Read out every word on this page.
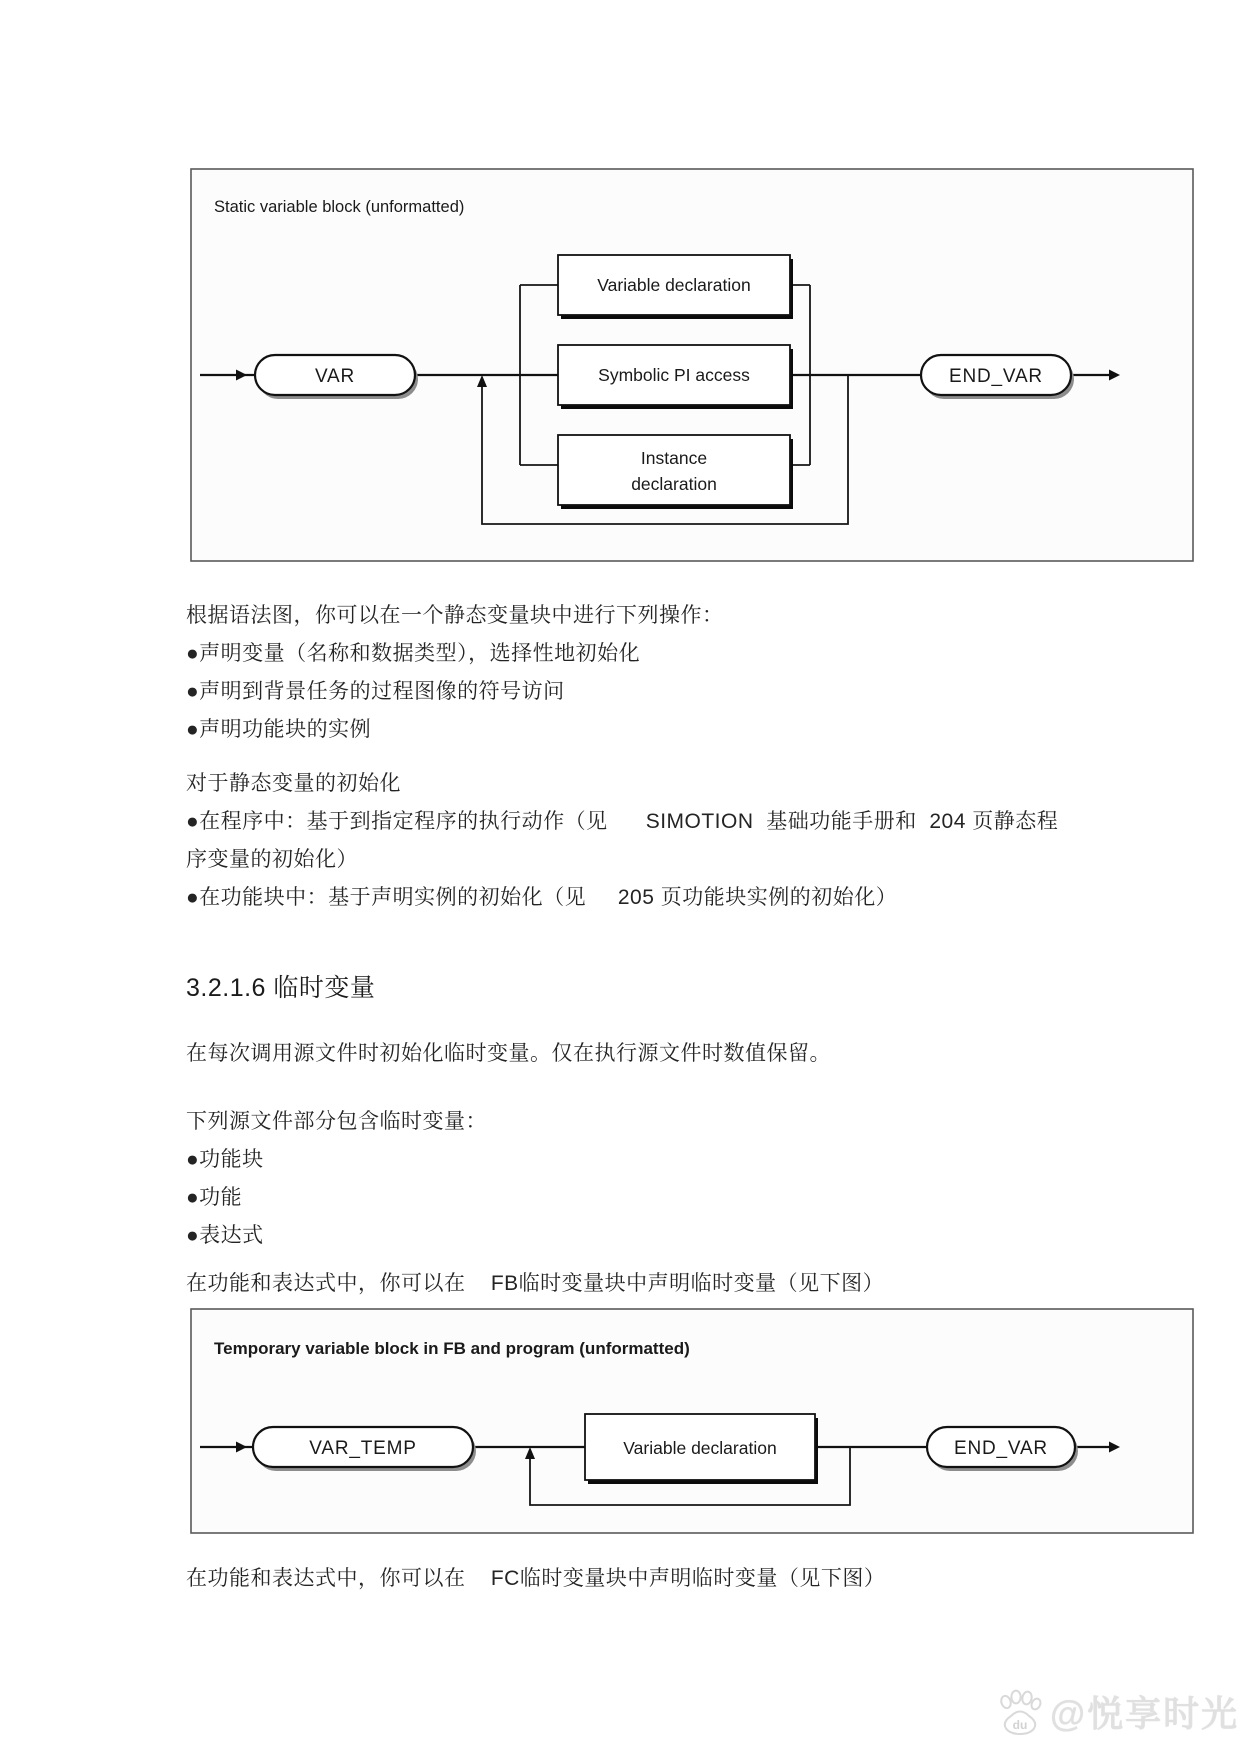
Static variable block (unformatted)
VAR
Variable declaration
Symbolic PI access
Instance
declaration
END_VAR
根据语法图，你可以在一个静态变量块中进行下列操作：
●声明变量（名称和数据类型），选择性地初始化
●声明到背景任务的过程图像的符号访问
●声明功能块的实例
对于静态变量的初始化
●在程序中：基于到指定程序的执行动作（见      SIMOTION  基础功能手册和  204 页静态程
序变量的初始化）
●在功能块中：基于声明实例的初始化（见     205 页功能块实例的初始化）
3.2.1.6 临时变量
在每次调用源文件时初始化临时变量。仅在执行源文件时数值保留。
下列源文件部分包含临时变量：
●功能块
●功能
●表达式
在功能和表达式中，你可以在    FB临时变量块中声明临时变量（见下图）
Temporary variable block in FB and program (unformatted)
VAR_TEMP	Variable declaration	END_VAR
在功能和表达式中，你可以在    FC临时变量块中声明临时变量（见下图）
du @悦享时光
